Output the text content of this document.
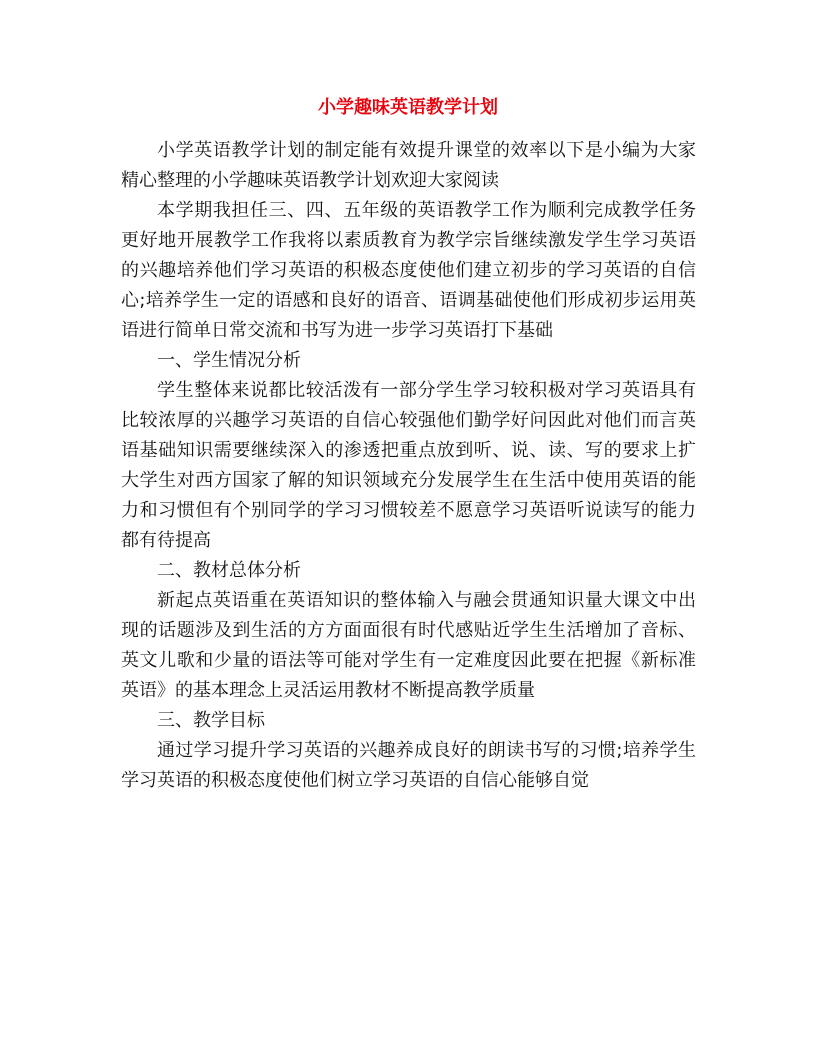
小学趣味英语教学计划

小学英语教学计划的制定能有效提升课堂的效率以下是小编为大家精心整理的小学趣味英语教学计划欢迎大家阅读

本学期我担任三、四、五年级的英语教学工作为顺利完成教学任务更好地开展教学工作我将以素质教育为教学宗旨继续激发学生学习英语的兴趣培养他们学习英语的积极态度使他们建立初步的学习英语的自信心;培养学生一定的语感和良好的语音、语调基础使他们形成初步运用英语进行简单日常交流和书写为进一步学习英语打下基础

一、学生情况分析

学生整体来说都比较活泼有一部分学生学习较积极对学习英语具有比较浓厚的兴趣学习英语的自信心较强他们勤学好问因此对他们而言英语基础知识需要继续深入的渗透把重点放到听、说、读、写的要求上扩大学生对西方国家了解的知识领域充分发展学生在生活中使用英语的能力和习惯但有个别同学的学习习惯较差不愿意学习英语听说读写的能力都有待提高

二、教材总体分析

新起点英语重在英语知识的整体输入与融会贯通知识量大课文中出现的话题涉及到生活的方方面面很有时代感贴近学生生活增加了音标、英文儿歌和少量的语法等可能对学生有一定难度因此要在把握《新标准英语》的基本理念上灵活运用教材不断提高教学质量

三、教学目标

通过学习提升学习英语的兴趣养成良好的朗读书写的习惯;培养学生学习英语的积极态度使他们树立学习英语的自信心能够自觉
